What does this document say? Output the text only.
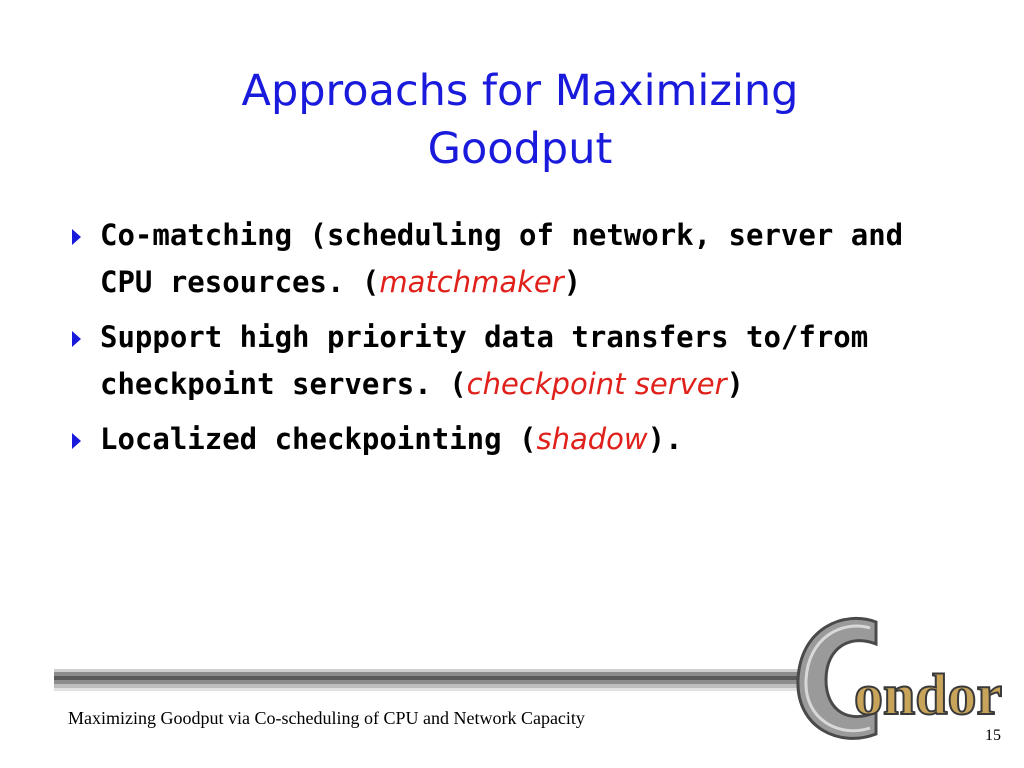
Approachs for Maximizing
Goodput
Co-matching (scheduling of network, server and CPU resources. (matchmaker)
Support high priority data transfers to/from checkpoint servers. (checkpoint server)
Localized checkpointing (shadow).
Maximizing Goodput via Co-scheduling of CPU and Network Capacity
15
ondor
